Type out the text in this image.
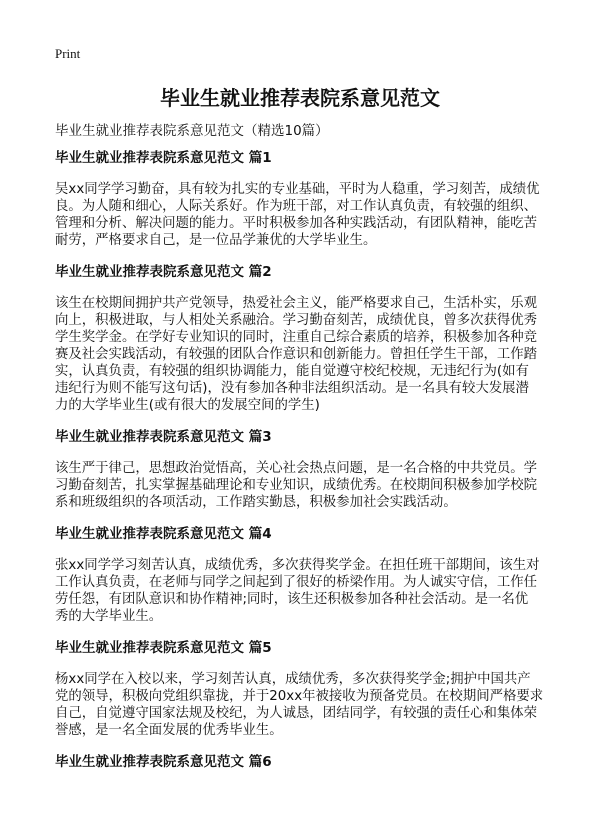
Print
毕业生就业推荐表院系意见范文
毕业生就业推荐表院系意见范文（精选10篇）
毕业生就业推荐表院系意见范文 篇1
吴xx同学学习勤奋，具有较为扎实的专业基础，平时为人稳重，学习刻苦，成绩优
良。为人随和细心，人际关系好。作为班干部，对工作认真负责，有较强的组织、
管理和分析、解决问题的能力。平时积极参加各种实践活动，有团队精神，能吃苦
耐劳，严格要求自己，是一位品学兼优的大学毕业生。
毕业生就业推荐表院系意见范文 篇2
该生在校期间拥护共产党领导，热爱社会主义，能严格要求自己，生活朴实，乐观
向上，积极进取，与人相处关系融洽。学习勤奋刻苦，成绩优良，曾多次获得优秀
学生奖学金。在学好专业知识的同时，注重自己综合素质的培养，积极参加各种竞
赛及社会实践活动，有较强的团队合作意识和创新能力。曾担任学生干部，工作踏
实，认真负责，有较强的组织协调能力，能自觉遵守校纪校规，无违纪行为(如有
违纪行为则不能写这句话)，没有参加各种非法组织活动。是一名具有较大发展潜
力的大学毕业生(或有很大的发展空间的学生)
毕业生就业推荐表院系意见范文 篇3
该生严于律己，思想政治觉悟高，关心社会热点问题，是一名合格的中共党员。学
习勤奋刻苦，扎实掌握基础理论和专业知识，成绩优秀。在校期间积极参加学校院
系和班级组织的各项活动，工作踏实勤恳，积极参加社会实践活动。
毕业生就业推荐表院系意见范文 篇4
张xx同学学习刻苦认真，成绩优秀，多次获得奖学金。在担任班干部期间，该生对
工作认真负责，在老师与同学之间起到了很好的桥梁作用。为人诚实守信，工作任
劳任怨，有团队意识和协作精神;同时，该生还积极参加各种社会活动。是一名优
秀的大学毕业生。
毕业生就业推荐表院系意见范文 篇5
杨xx同学在入校以来，学习刻苦认真，成绩优秀，多次获得奖学金;拥护中国共产
党的领导，积极向党组织靠拢，并于20xx年被接收为预备党员。在校期间严格要求
自己，自觉遵守国家法规及校纪，为人诚恳，团结同学，有较强的责任心和集体荣
誉感，是一名全面发展的优秀毕业生。
毕业生就业推荐表院系意见范文 篇6
